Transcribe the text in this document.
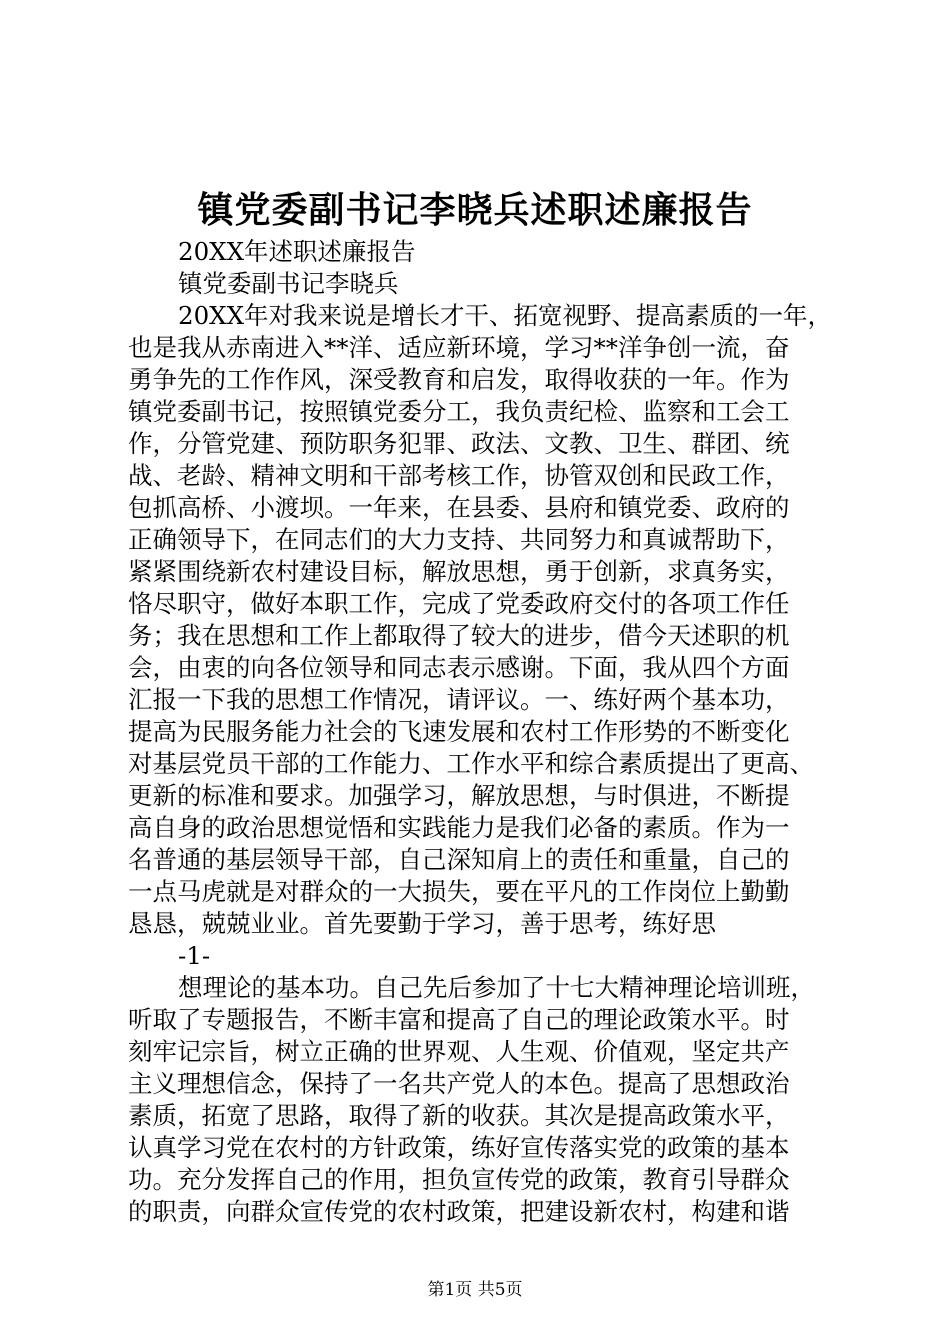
镇党委副书记李晓兵述职述廉报告
20XX年述职述廉报告
镇党委副书记李晓兵
20XX年对我来说是增长才干、拓宽视野、提高素质的一年，
也是我从赤南进入**洋、适应新环境，学习**洋争创一流，奋
勇争先的工作作风，深受教育和启发，取得收获的一年。作为
镇党委副书记，按照镇党委分工，我负责纪检、监察和工会工
作，分管党建、预防职务犯罪、政法、文教、卫生、群团、统
战、老龄、精神文明和干部考核工作，协管双创和民政工作，
包抓高桥、小渡坝。一年来，在县委、县府和镇党委、政府的
正确领导下，在同志们的大力支持、共同努力和真诚帮助下，
紧紧围绕新农村建设目标，解放思想，勇于创新，求真务实，
恪尽职守，做好本职工作，完成了党委政府交付的各项工作任
务；我在思想和工作上都取得了较大的进步，借今天述职的机
会，由衷的向各位领导和同志表示感谢。下面，我从四个方面
汇报一下我的思想工作情况，请评议。一、练好两个基本功，
提高为民服务能力社会的飞速发展和农村工作形势的不断变化
对基层党员干部的工作能力、工作水平和综合素质提出了更高、
更新的标准和要求。加强学习，解放思想，与时俱进，不断提
高自身的政治思想觉悟和实践能力是我们必备的素质。作为一
名普通的基层领导干部，自己深知肩上的责任和重量，自己的
一点马虎就是对群众的一大损失，要在平凡的工作岗位上勤勤
恳恳，兢兢业业。首先要勤于学习，善于思考，练好思
-1-
想理论的基本功。自己先后参加了十七大精神理论培训班，
听取了专题报告，不断丰富和提高了自己的理论政策水平。时
刻牢记宗旨，树立正确的世界观、人生观、价值观，坚定共产
主义理想信念，保持了一名共产党人的本色。提高了思想政治
素质，拓宽了思路，取得了新的收获。其次是提高政策水平，
认真学习党在农村的方针政策，练好宣传落实党的政策的基本
功。充分发挥自己的作用，担负宣传党的政策，教育引导群众
的职责，向群众宣传党的农村政策，把建设新农村，构建和谐
第1页 共5页
